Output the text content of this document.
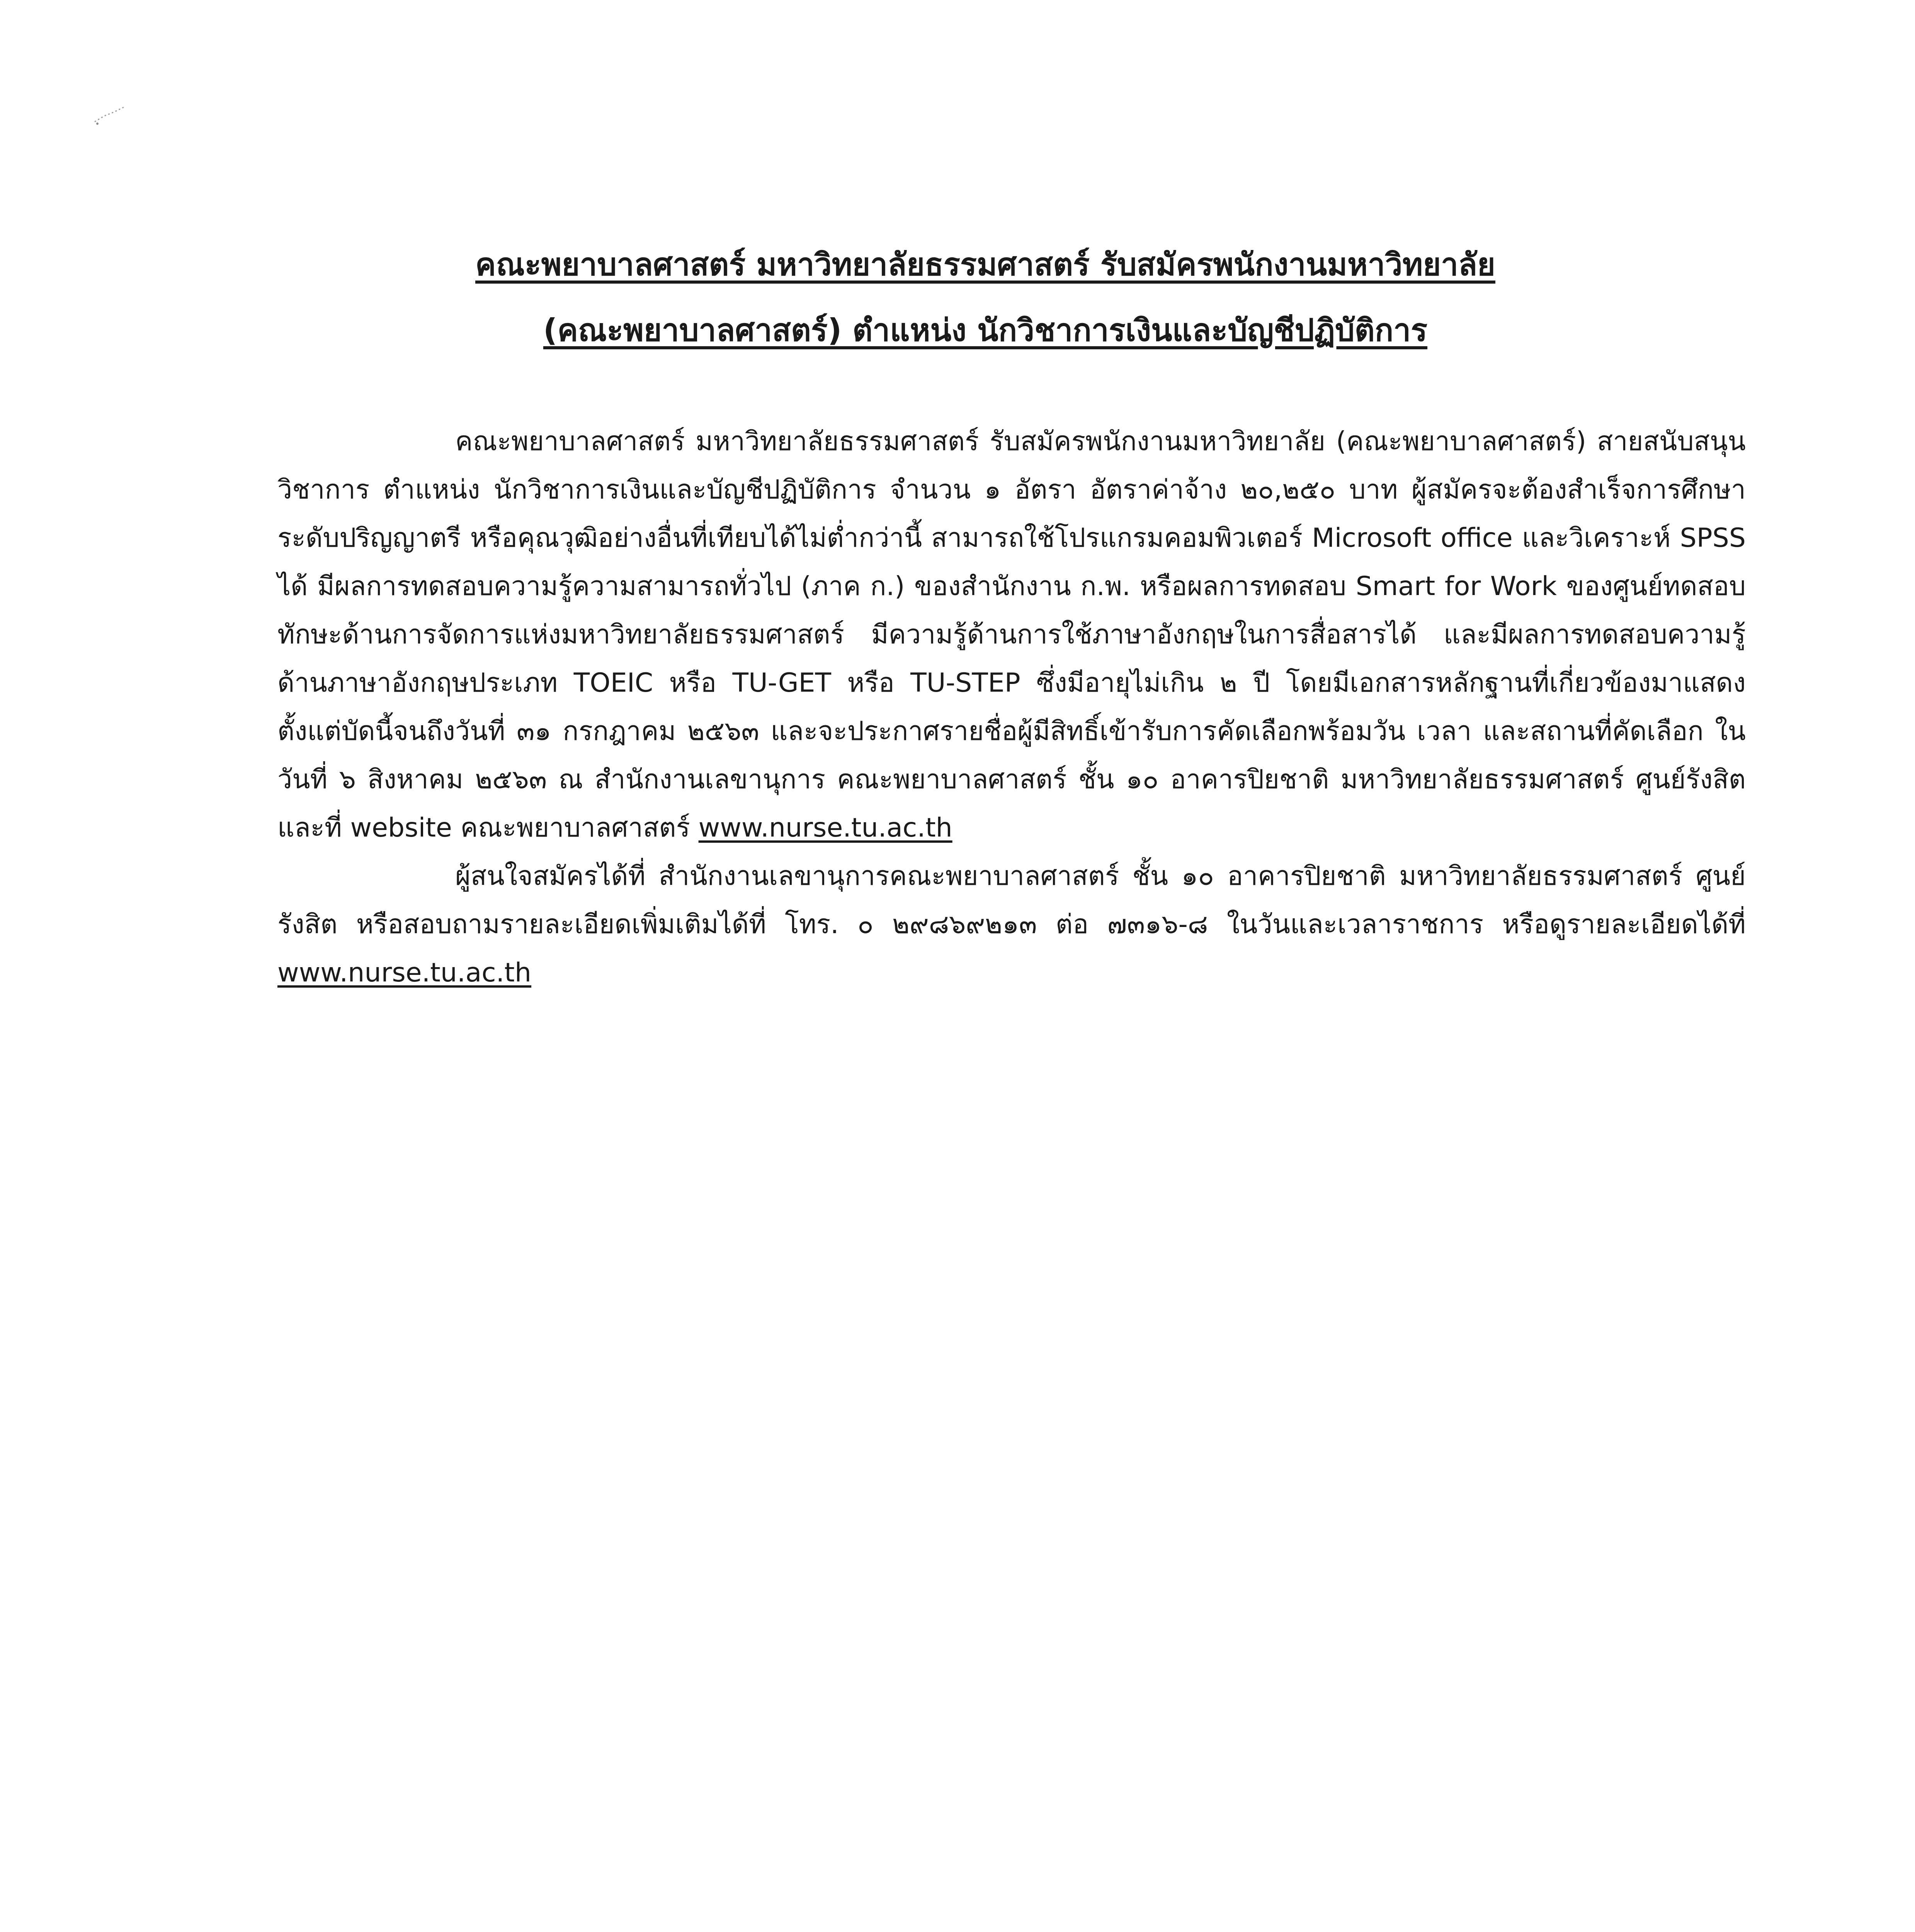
คณะพยาบาลศาสตร์ มหาวิทยาลัยธรรมศาสตร์ รับสมัครพนักงานมหาวิทยาลัย
(คณะพยาบาลศาสตร์) ตำแหน่ง นักวิชาการเงินและบัญชีปฏิบัติการ

คณะพยาบาลศาสตร์ มหาวิทยาลัยธรรมศาสตร์ รับสมัครพนักงานมหาวิทยาลัย (คณะพยาบาลศาสตร์) สายสนับสนุนวิชาการ ตำแหน่ง นักวิชาการเงินและบัญชีปฏิบัติการ จำนวน ๑ อัตรา อัตราค่าจ้าง ๒๐,๒๕๐ บาท ผู้สมัครจะต้องสำเร็จการศึกษาระดับปริญญาตรี หรือคุณวุฒิอย่างอื่นที่เทียบได้ไม่ต่ำกว่านี้ สามารถใช้โปรแกรมคอมพิวเตอร์ Microsoft office และวิเคราะห์ SPSS ได้ มีผลการทดสอบความรู้ความสามารถทั่วไป (ภาค ก.) ของสำนักงาน ก.พ. หรือผลการทดสอบ Smart for Work ของศูนย์ทดสอบทักษะด้านการจัดการแห่งมหาวิทยาลัยธรรมศาสตร์ มีความรู้ด้านการใช้ภาษาอังกฤษในการสื่อสารได้ และมีผลการทดสอบความรู้ด้านภาษาอังกฤษประเภท TOEIC หรือ TU-GET หรือ TU-STEP ซึ่งมีอายุไม่เกิน ๒ ปี โดยมีเอกสารหลักฐานที่เกี่ยวข้องมาแสดง ตั้งแต่บัดนี้จนถึงวันที่ ๓๑ กรกฎาคม ๒๕๖๓ และจะประกาศรายชื่อผู้มีสิทธิ์เข้ารับการคัดเลือกพร้อมวัน เวลา และสถานที่คัดเลือก ในวันที่ ๖ สิงหาคม ๒๕๖๓ ณ สำนักงานเลขานุการ คณะพยาบาลศาสตร์ ชั้น ๑๐ อาคารปิยชาติ มหาวิทยาลัยธรรมศาสตร์ ศูนย์รังสิต และที่ website คณะพยาบาลศาสตร์ www.nurse.tu.ac.th

ผู้สนใจสมัครได้ที่ สำนักงานเลขานุการคณะพยาบาลศาสตร์ ชั้น ๑๐ อาคารปิยชาติ มหาวิทยาลัยธรรมศาสตร์ ศูนย์รังสิต หรือสอบถามรายละเอียดเพิ่มเติมได้ที่ โทร. ๐ ๒๙๘๖๙๒๑๓ ต่อ ๗๓๑๖-๘ ในวันและเวลาราชการ หรือดูรายละเอียดได้ที่ www.nurse.tu.ac.th
